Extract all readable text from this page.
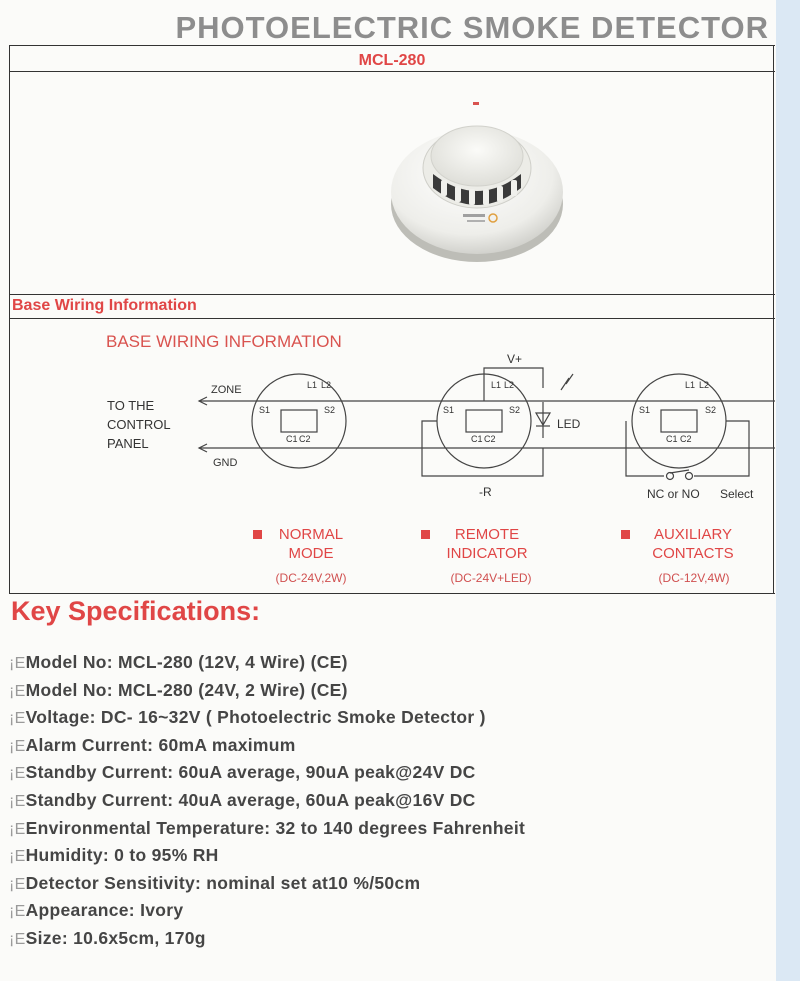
PHOTOELECTRIC SMOKE DETECTOR
MCL-280
Base Wiring Information
BASE WIRING INFORMATION
TO THE
CONTROL
PANEL
ZONE
GND
L1 L2
S1	S2
C1 C2
L1 L2
S1	S2
C1 C2
L1 L2
S1	S2
C1 C2
V+
-R
LED
NC or NO Select
NORMAL
MODE
(DC-24V,2W)
REMOTE
INDICATOR
(DC-24V+LED)
AUXILIARY
CONTACTS
(DC-12V,4W)
Key Specifications:
¡EModel No: MCL-280 (12V, 4 Wire) (CE)
¡EModel No: MCL-280 (24V, 2 Wire) (CE)
¡EVoltage: DC- 16~32V ( Photoelectric Smoke Detector )
¡EAlarm Current: 60mA maximum
¡EStandby Current: 60uA average, 90uA peak@24V DC
¡EStandby Current: 40uA average, 60uA peak@16V DC
¡EEnvironmental Temperature: 32 to 140 degrees Fahrenheit
¡EHumidity: 0 to 95% RH
¡EDetector Sensitivity: nominal set at10 %/50cm
¡EAppearance: Ivory
¡ESize: 10.6x5cm, 170g
